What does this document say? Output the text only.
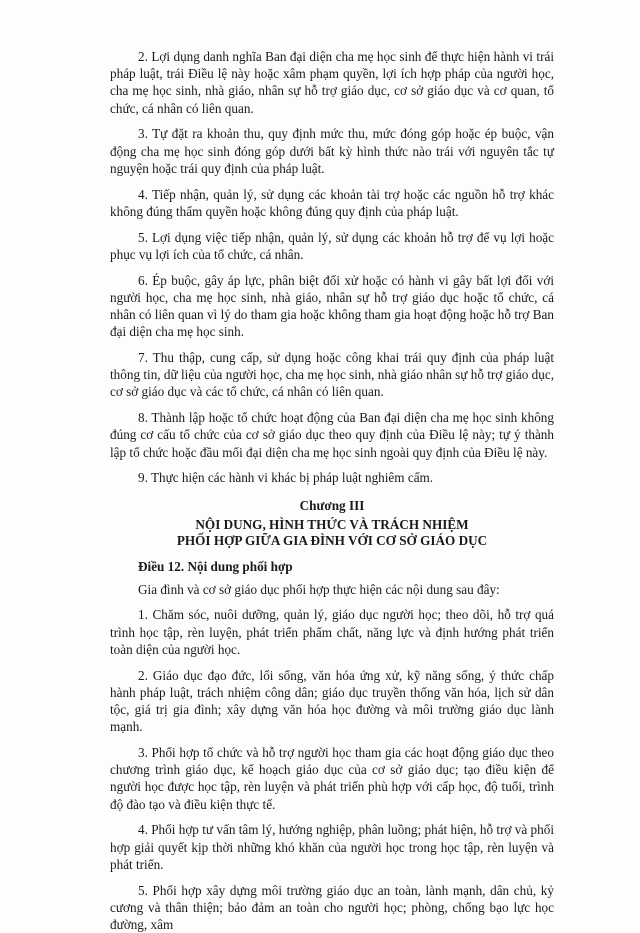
2. Lợi dụng danh nghĩa Ban đại diện cha mẹ học sinh để thực hiện hành vi trái pháp luật, trái Điều lệ này hoặc xâm phạm quyền, lợi ích hợp pháp của người học, cha mẹ học sinh, nhà giáo, nhân sự hỗ trợ giáo dục, cơ sở giáo dục và cơ quan, tổ chức, cá nhân có liên quan.

3. Tự đặt ra khoản thu, quy định mức thu, mức đóng góp hoặc ép buộc, vận động cha mẹ học sinh đóng góp dưới bất kỳ hình thức nào trái với nguyên tắc tự nguyện hoặc trái quy định của pháp luật.

4. Tiếp nhận, quản lý, sử dụng các khoản tài trợ hoặc các nguồn hỗ trợ khác không đúng thẩm quyền hoặc không đúng quy định của pháp luật.

5. Lợi dụng việc tiếp nhận, quản lý, sử dụng các khoản hỗ trợ để vụ lợi hoặc phục vụ lợi ích của tổ chức, cá nhân.

6. Ép buộc, gây áp lực, phân biệt đối xử hoặc có hành vi gây bất lợi đối với người học, cha mẹ học sinh, nhà giáo, nhân sự hỗ trợ giáo dục hoặc tổ chức, cá nhân có liên quan vì lý do tham gia hoặc không tham gia hoạt động hoặc hỗ trợ Ban đại diện cha mẹ học sinh.

7. Thu thập, cung cấp, sử dụng hoặc công khai trái quy định của pháp luật thông tin, dữ liệu của người học, cha mẹ học sinh, nhà giáo nhân sự hỗ trợ giáo dục, cơ sở giáo dục và các tổ chức, cá nhân có liên quan.

8. Thành lập hoặc tổ chức hoạt động của Ban đại diện cha mẹ học sinh không đúng cơ cấu tổ chức của cơ sở giáo dục theo quy định của Điều lệ này; tự ý thành lập tổ chức hoặc đầu mối đại diện cha mẹ học sinh ngoài quy định của Điều lệ này.

9. Thực hiện các hành vi khác bị pháp luật nghiêm cấm.

Chương III
NỘI DUNG, HÌNH THỨC VÀ TRÁCH NHIỆM
PHỐI HỢP GIỮA GIA ĐÌNH VỚI CƠ SỞ GIÁO DỤC
Điều 12. Nội dung phối hợp

Gia đình và cơ sở giáo dục phối hợp thực hiện các nội dung sau đây:

1. Chăm sóc, nuôi dưỡng, quản lý, giáo dục người học; theo dõi, hỗ trợ quá trình học tập, rèn luyện, phát triển phẩm chất, năng lực và định hướng phát triển toàn diện của người học.

2. Giáo dục đạo đức, lối sống, văn hóa ứng xử, kỹ năng sống, ý thức chấp hành pháp luật, trách nhiệm công dân; giáo dục truyền thống văn hóa, lịch sử dân tộc, giá trị gia đình; xây dựng văn hóa học đường và môi trường giáo dục lành mạnh.

3. Phối hợp tổ chức và hỗ trợ người học tham gia các hoạt động giáo dục theo chương trình giáo dục, kế hoạch giáo dục của cơ sở giáo dục; tạo điều kiện để người học được học tập, rèn luyện và phát triển phù hợp với cấp học, độ tuổi, trình độ đào tạo và điều kiện thực tế.

4. Phối hợp tư vấn tâm lý, hướng nghiệp, phân luồng; phát hiện, hỗ trợ và phối hợp giải quyết kịp thời những khó khăn của người học trong học tập, rèn luyện và phát triển.

5. Phối hợp xây dựng môi trường giáo dục an toàn, lành mạnh, dân chủ, kỷ cương và thân thiện; bảo đảm an toàn cho người học; phòng, chống bạo lực học đường, xâm
